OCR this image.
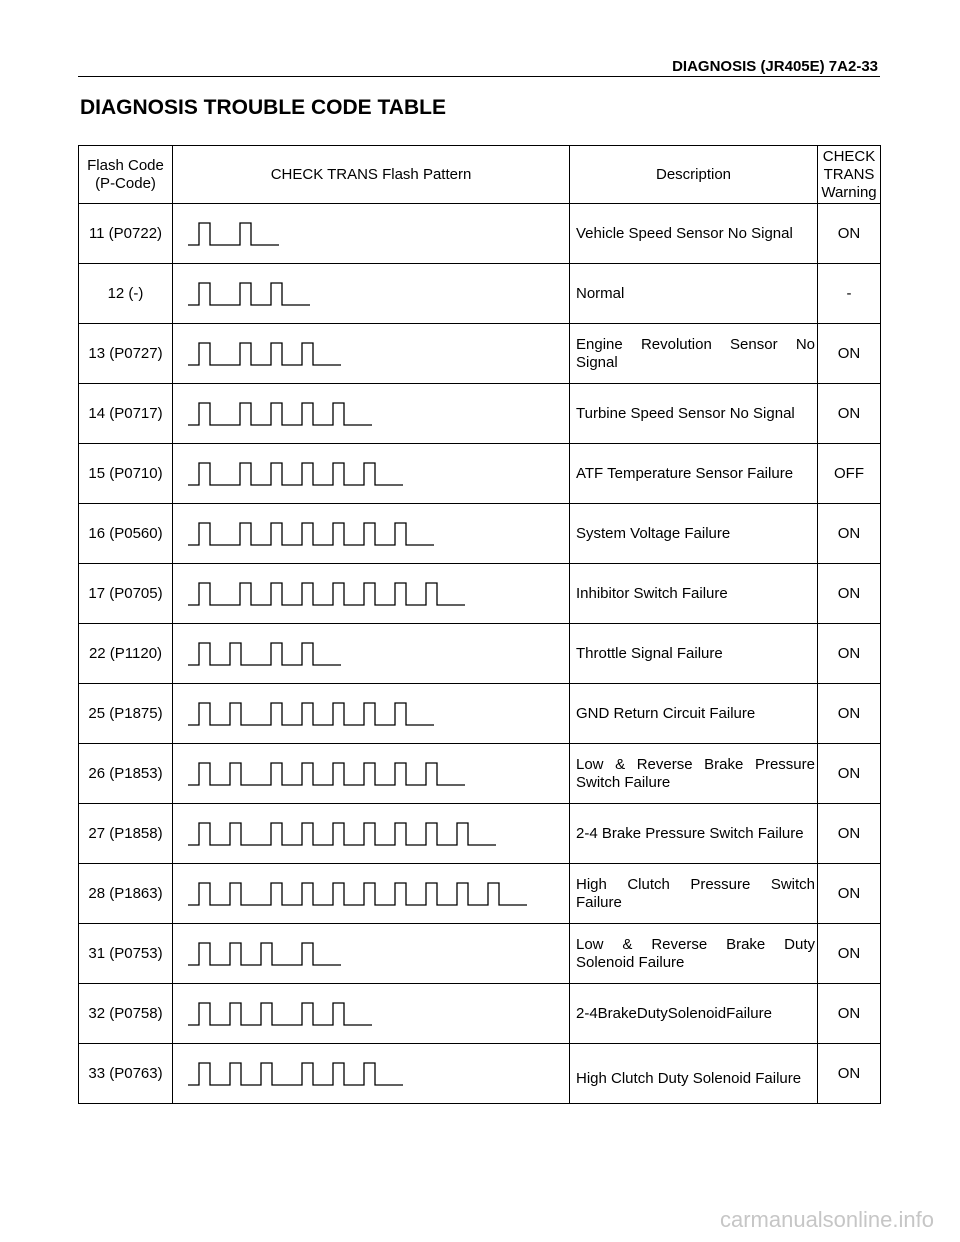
DIAGNOSIS (JR405E) 7A2-33
DIAGNOSIS TROUBLE CODE TABLE
Flash Code
(P-Code)	CHECK TRANS Flash Pattern	Description	CHECK
TRANS
Warning
11 (P0722)		Vehicle Speed Sensor No Signal	ON
12 (-)		Normal	-
13 (P0727)		Engine Revolution Sensor No Signal	ON
14 (P0717)		Turbine Speed Sensor No Signal	ON
15 (P0710)		ATF Temperature Sensor Failure	OFF
16 (P0560)		System Voltage Failure	ON
17 (P0705)		Inhibitor Switch Failure	ON
22 (P1120)		Throttle Signal Failure	ON
25 (P1875)		GND Return Circuit Failure	ON
26 (P1853)		Low & Reverse Brake Pressure Switch Failure	ON
27 (P1858)		2-4 Brake Pressure Switch Failure	ON
28 (P1863)		High Clutch Pressure Switch Failure	ON
31 (P0753)		Low & Reverse Brake Duty Solenoid Failure	ON
32 (P0758)		2-4BrakeDutySolenoidFailure	ON
33 (P0763)		High Clutch Duty Solenoid Failure	ON
carmanualsonline.info
